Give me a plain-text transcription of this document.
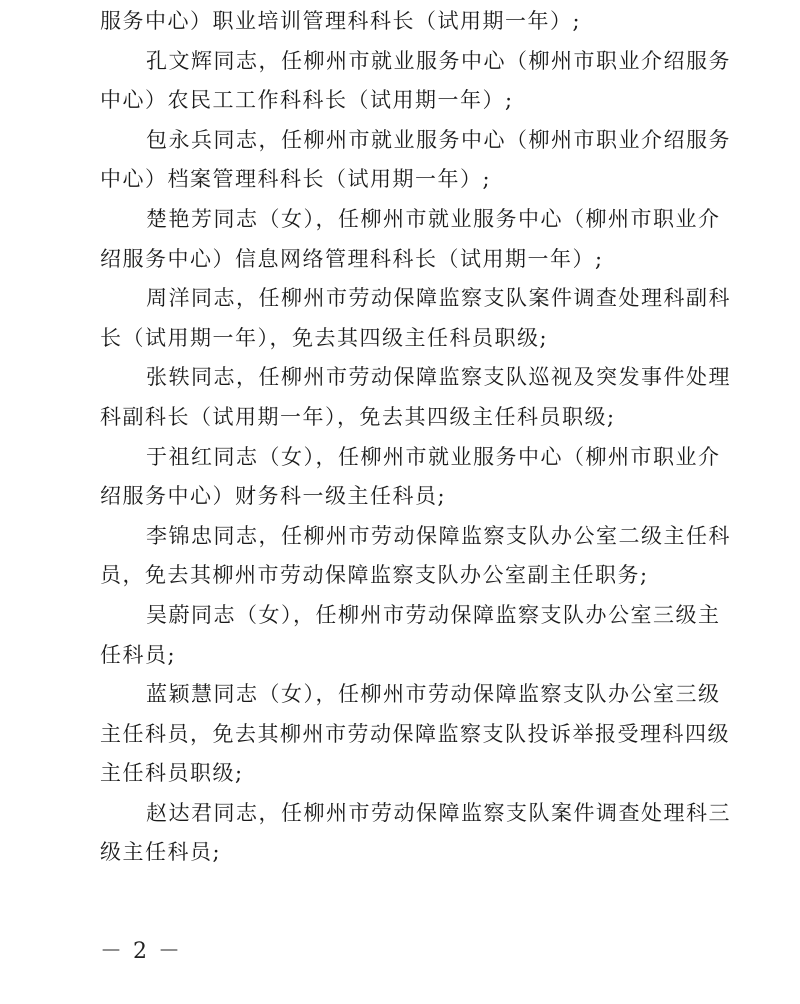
服务中心）职业培训管理科科长（试用期一年）;
孔文辉同志，任柳州市就业服务中心（柳州市职业介绍服务
中心）农民工工作科科长（试用期一年）;
包永兵同志，任柳州市就业服务中心（柳州市职业介绍服务
中心）档案管理科科长（试用期一年）;
楚艳芳同志（女），任柳州市就业服务中心（柳州市职业介
绍服务中心）信息网络管理科科长（试用期一年）;
周洋同志，任柳州市劳动保障监察支队案件调查处理科副科
长（试用期一年），免去其四级主任科员职级;
张轶同志，任柳州市劳动保障监察支队巡视及突发事件处理
科副科长（试用期一年），免去其四级主任科员职级;
于祖红同志（女），任柳州市就业服务中心（柳州市职业介
绍服务中心）财务科一级主任科员;
李锦忠同志，任柳州市劳动保障监察支队办公室二级主任科
员，免去其柳州市劳动保障监察支队办公室副主任职务;
吴蔚同志（女），任柳州市劳动保障监察支队办公室三级主
任科员;
蓝颖慧同志（女），任柳州市劳动保障监察支队办公室三级
主任科员，免去其柳州市劳动保障监察支队投诉举报受理科四级
主任科员职级;
赵达君同志，任柳州市劳动保障监察支队案件调查处理科三
级主任科员;
－ 2 －
